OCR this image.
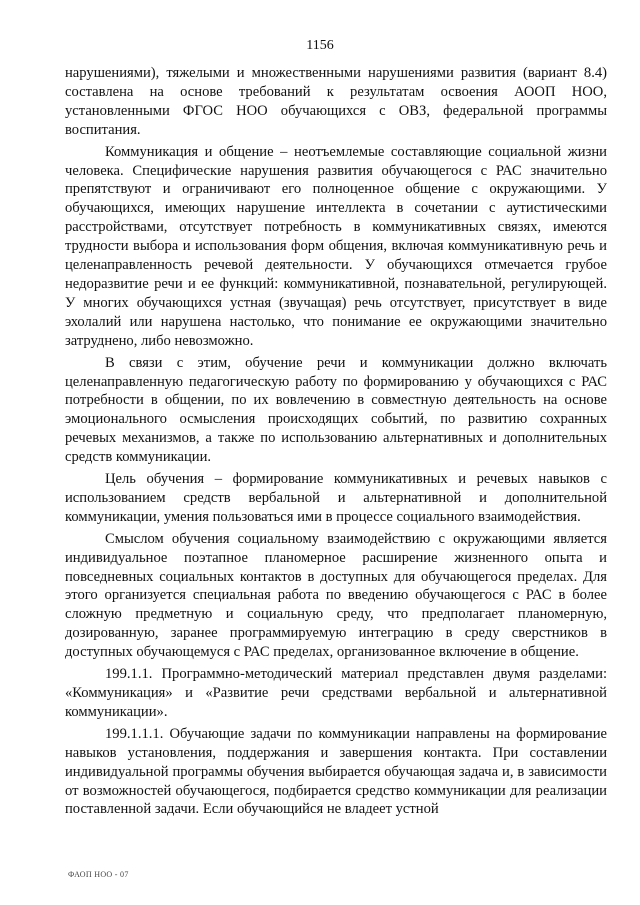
1156

нарушениями), тяжелыми и множественными нарушениями развития (вариант 8.4) составлена на основе требований к результатам освоения АООП НОО, установленными ФГОС НОО обучающихся с ОВЗ, федеральной программы воспитания.

Коммуникация и общение – неотъемлемые составляющие социальной жизни человека. Специфические нарушения развития обучающегося с РАС значительно препятствуют и ограничивают его полноценное общение с окружающими. У обучающихся, имеющих нарушение интеллекта в сочетании с аутистическими расстройствами, отсутствует потребность в коммуникативных связях, имеются трудности выбора и использования форм общения, включая коммуникативную речь и целенаправленность речевой деятельности. У обучающихся отмечается грубое недоразвитие речи и ее функций: коммуникативной, познавательной, регулирующей. У многих обучающихся устная (звучащая) речь отсутствует, присутствует в виде эхолалий или нарушена настолько, что понимание ее окружающими значительно затруднено, либо невозможно.

В связи с этим, обучение речи и коммуникации должно включать целенаправленную педагогическую работу по формированию у обучающихся с РАС потребности в общении, по их вовлечению в совместную деятельность на основе эмоционального осмысления происходящих событий, по развитию сохранных речевых механизмов, а также по использованию альтернативных и дополнительных средств коммуникации.

Цель обучения – формирование коммуникативных и речевых навыков с использованием средств вербальной и альтернативной и дополнительной коммуникации, умения пользоваться ими в процессе социального взаимодействия.

Смыслом обучения социальному взаимодействию с окружающими является индивидуальное поэтапное планомерное расширение жизненного опыта и повседневных социальных контактов в доступных для обучающегося пределах. Для этого организуется специальная работа по введению обучающегося с РАС в более сложную предметную и социальную среду, что предполагает планомерную, дозированную, заранее программируемую интеграцию в среду сверстников в доступных обучающемуся с РАС пределах, организованное включение в общение.

199.1.1. Программно-методический материал представлен двумя разделами: «Коммуникация» и «Развитие речи средствами вербальной и альтернативной коммуникации».

199.1.1.1. Обучающие задачи по коммуникации направлены на формирование навыков установления, поддержания и завершения контакта. При составлении индивидуальной программы обучения выбирается обучающая задача и, в зависимости от возможностей обучающегося, подбирается средство коммуникации для реализации поставленной задачи. Если обучающийся не владеет устной

ФАОП НОО - 07
